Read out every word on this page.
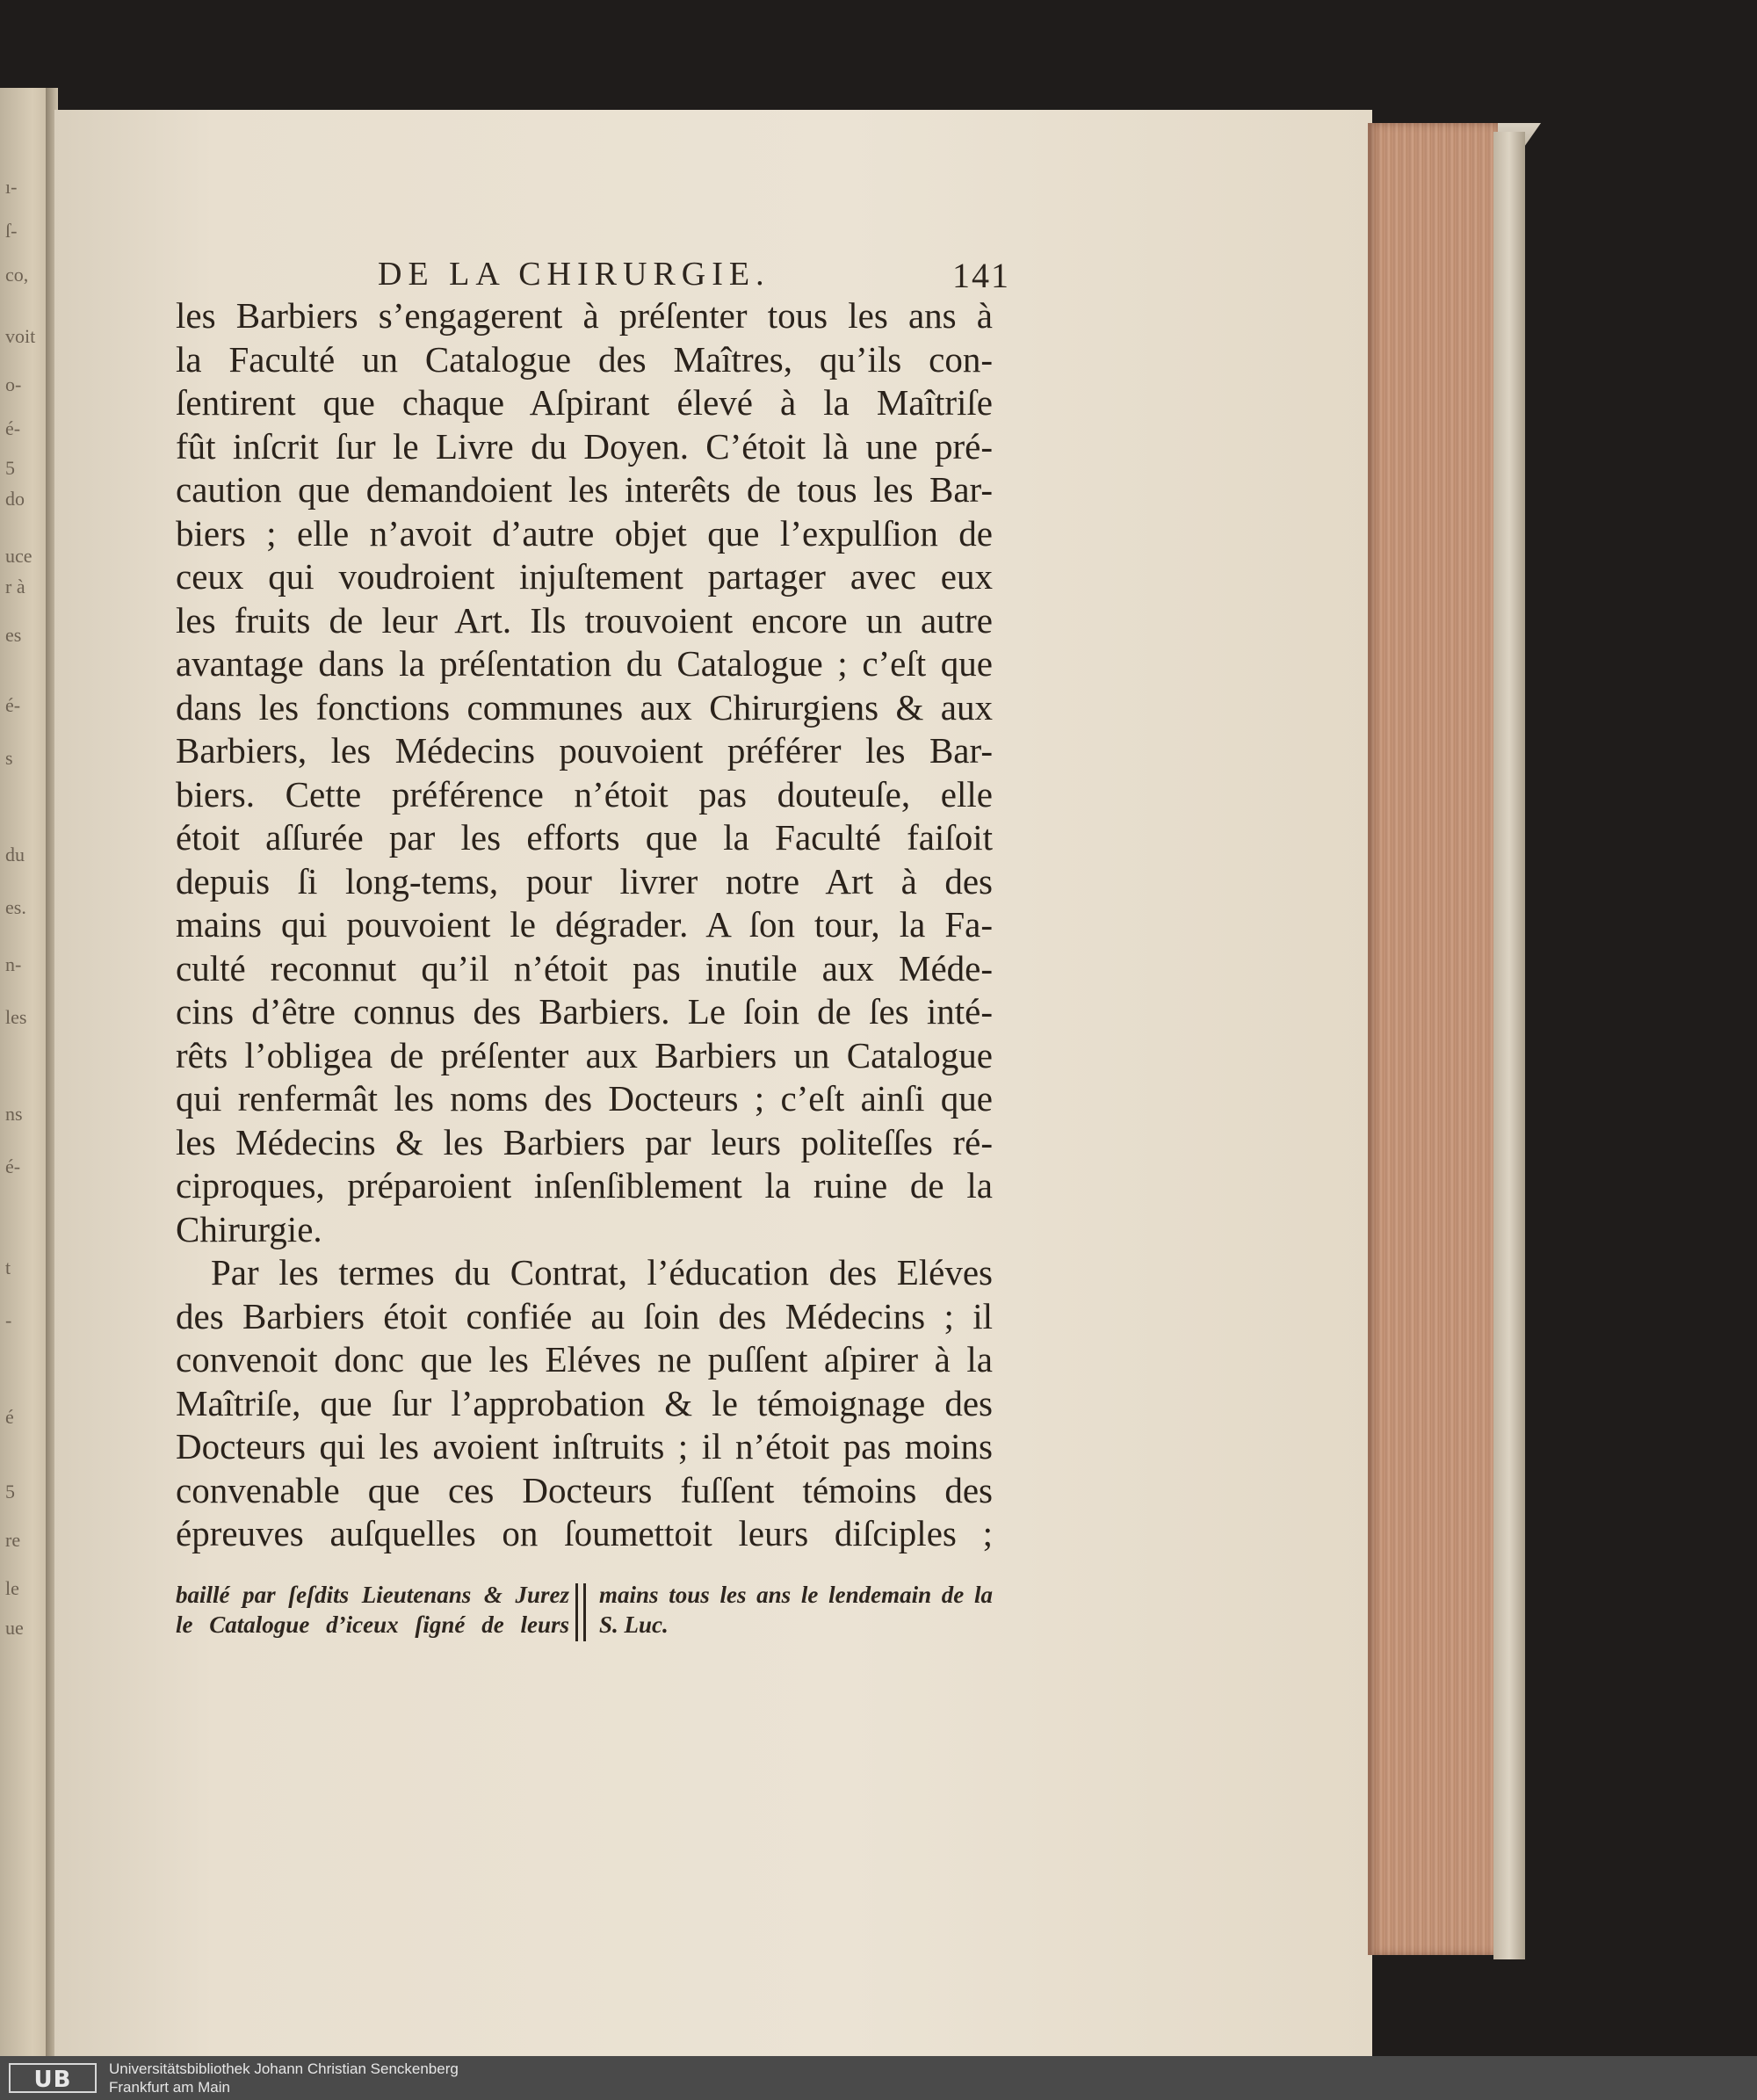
ı-
ſ-
co,
voit
o-
é-
5
do
uce
r à
es
é-
s
du
es.
n-
les
ns
é-
t
-
é
5
re
le
ue
DE LA CHIRURGIE.	141
les Barbiers s’engagerent à préſenter tous les ans à
la Faculté un Catalogue des Maîtres, qu’ils con-
ſentirent que chaque Aſpirant élevé à la Maîtriſe
fût inſcrit ſur le Livre du Doyen. C’étoit là une pré-
caution que demandoient les interêts de tous les Bar-
biers ; elle n’avoit d’autre objet que l’expulſion de
ceux qui voudroient injuſtement partager avec eux
les fruits de leur Art. Ils trouvoient encore un autre
avantage dans la préſentation du Catalogue ; c’eſt que
dans les fonctions communes aux Chirurgiens & aux
Barbiers, les Médecins pouvoient préférer les Bar-
biers. Cette préférence n’étoit pas douteuſe, elle
étoit aſſurée par les efforts que la Faculté faiſoit
depuis ſi long-tems, pour livrer notre Art à des
mains qui pouvoient le dégrader. A ſon tour, la Fa-
culté reconnut qu’il n’étoit pas inutile aux Méde-
cins d’être connus des Barbiers. Le ſoin de ſes inté-
rêts l’obligea de préſenter aux Barbiers un Catalogue
qui renfermât les noms des Docteurs ; c’eſt ainſi que
les Médecins & les Barbiers par leurs politeſſes ré-
ciproques, préparoient inſenſiblement la ruine de la
Chirurgie.
Par les termes du Contrat, l’éducation des Eléves
des Barbiers étoit confiée au ſoin des Médecins ; il
convenoit donc que les Eléves ne puſſent aſpirer à la
Maîtriſe, que ſur l’approbation & le témoignage des
Docteurs qui les avoient inſtruits ; il n’étoit pas moins
convenable que ces Docteurs fuſſent témoins des
épreuves auſquelles on ſoumettoit leurs diſciples ;
baillé par ſeſdits Lieutenans & Jurez
le Catalogue d’iceux ſigné de leurs
mains tous les ans le lendemain de la
S. Luc.
UB	Universitätsbibliothek Johann Christian Senckenberg
Frankfurt am Main
